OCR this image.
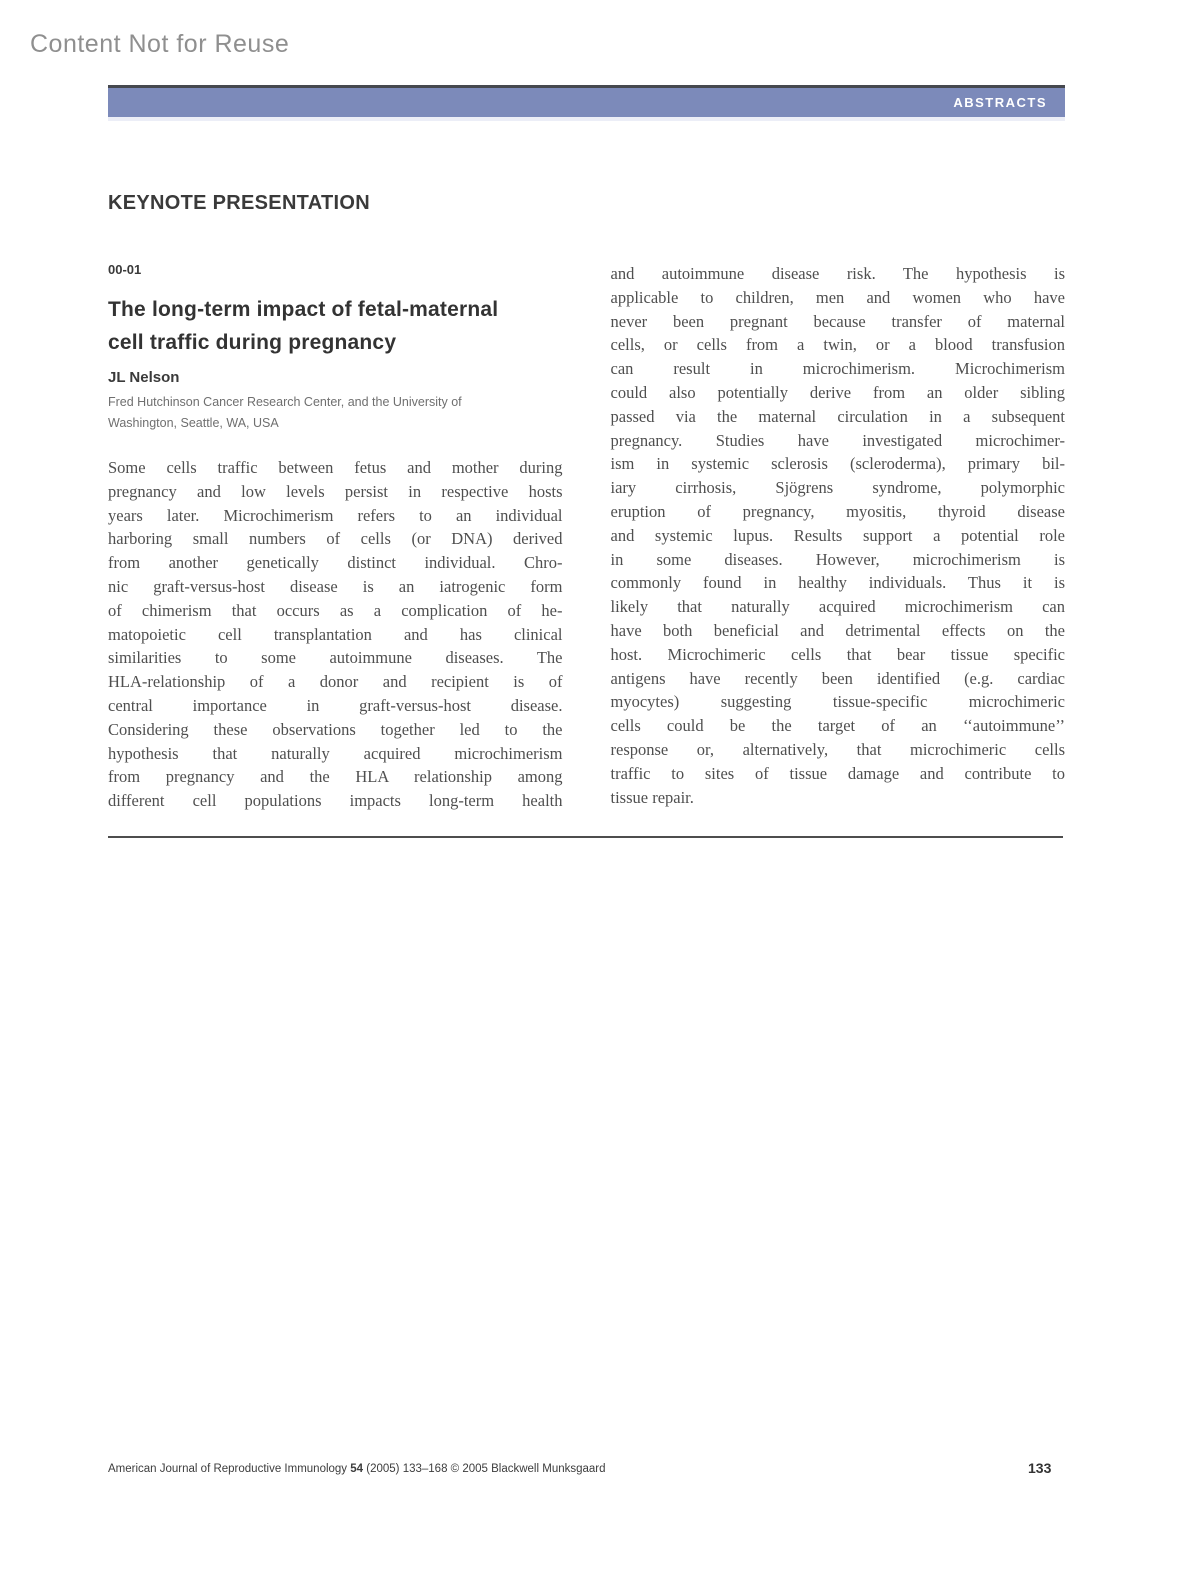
Content Not for Reuse
ABSTRACTS
KEYNOTE PRESENTATION
00-01
The long-term impact of fetal-maternal
cell traffic during pregnancy
JL Nelson
Fred Hutchinson Cancer Research Center, and the University of
Washington, Seattle, WA, USA
Some cells traffic between fetus and mother during
pregnancy and low levels persist in respective hosts
years later. Microchimerism refers to an individual
harboring small numbers of cells (or DNA) derived
from another genetically distinct individual. Chro-
nic graft-versus-host disease is an iatrogenic form
of chimerism that occurs as a complication of he-
matopoietic cell transplantation and has clinical
similarities to some autoimmune diseases. The
HLA-relationship of a donor and recipient is of
central importance in graft-versus-host disease.
Considering these observations together led to the
hypothesis that naturally acquired microchimerism
from pregnancy and the HLA relationship among
different cell populations impacts long-term health
and autoimmune disease risk. The hypothesis is
applicable to children, men and women who have
never been pregnant because transfer of maternal
cells, or cells from a twin, or a blood transfusion
can result in microchimerism. Microchimerism
could also potentially derive from an older sibling
passed via the maternal circulation in a subsequent
pregnancy. Studies have investigated microchimer-
ism in systemic sclerosis (scleroderma), primary bil-
iary cirrhosis, Sjögrens syndrome, polymorphic
eruption of pregnancy, myositis, thyroid disease
and systemic lupus. Results support a potential role
in some diseases. However, microchimerism is
commonly found in healthy individuals. Thus it is
likely that naturally acquired microchimerism can
have both beneficial and detrimental effects on the
host. Microchimeric cells that bear tissue specific
antigens have recently been identified (e.g. cardiac
myocytes) suggesting tissue-specific microchimeric
cells could be the target of an ‘‘autoimmune’’
response or, alternatively, that microchimeric cells
traffic to sites of tissue damage and contribute to
tissue repair.
American Journal of Reproductive Immunology 54 (2005) 133–168 © 2005 Blackwell Munksgaard	133
